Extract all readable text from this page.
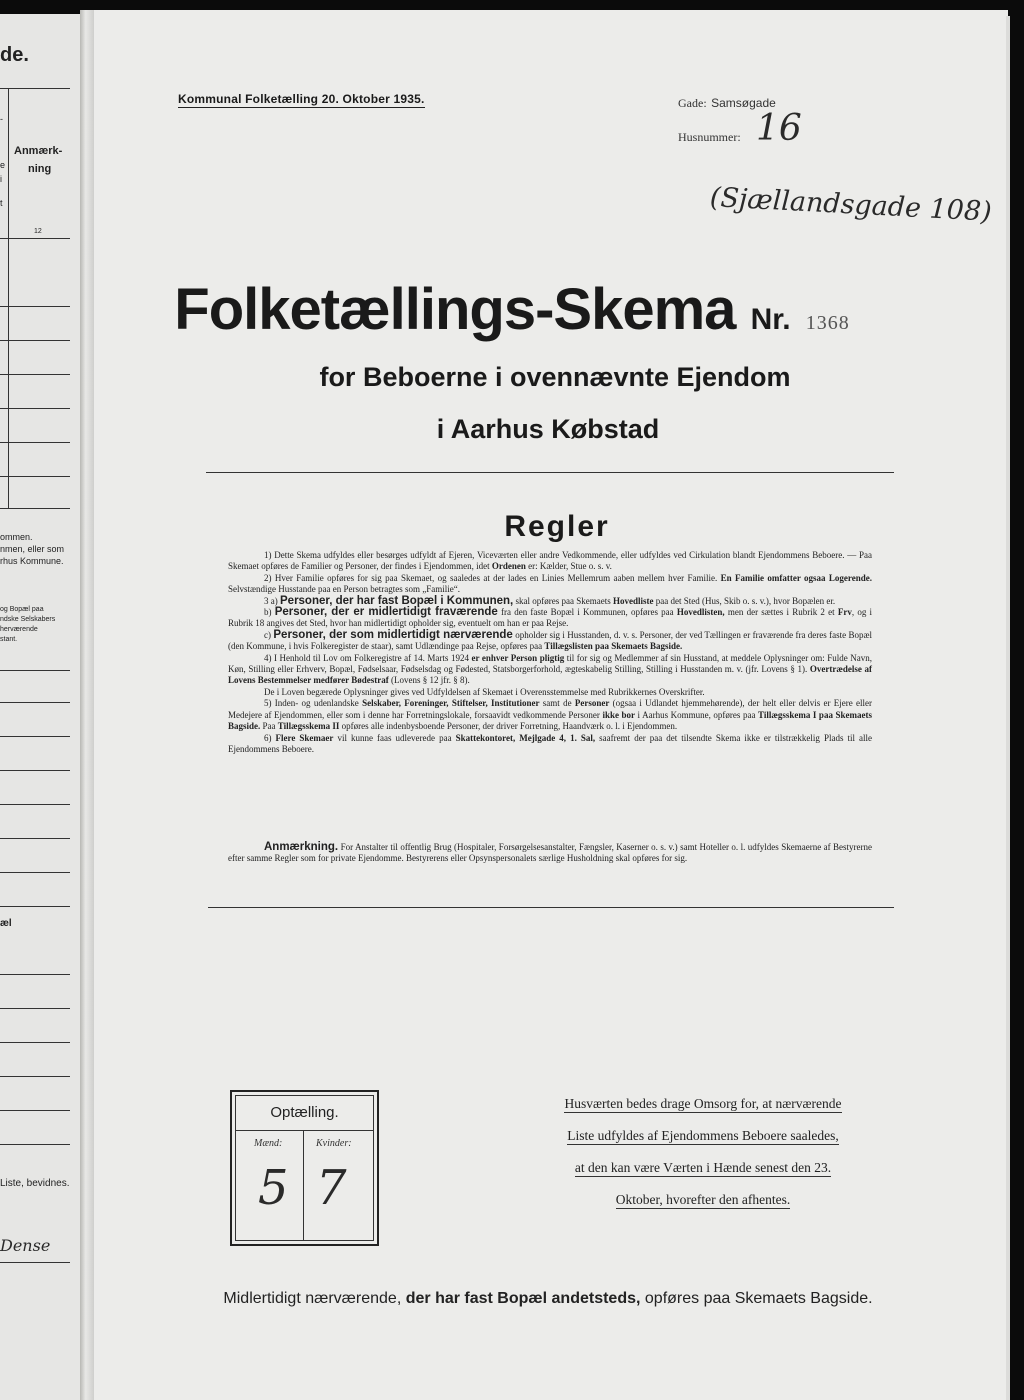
de.
-
e
i
t
Anmærk-
ning
12
ommen.
nmen, eller som
rhus Kommune.
og Bopæl paa
ndske Selskabers
herværende
stant.
æl
Liste, bevidnes.
Dense
Kommunal Folketælling 20. Oktober 1935.	Gade: Samsøgade
Husnummer: 16
(Sjællandsgade 108)
Folketællings-Skema Nr. 1368
for Beboerne i ovennævnte Ejendom
i Aarhus Købstad
Regler

1) Dette Skema udfyldes eller besørges udfyldt af Ejeren, Viceværten eller andre Vedkommende, eller udfyldes ved Cirkulation blandt Ejendommens Beboere. — Paa Skemaet opføres de Familier og Personer, der findes i Ejendommen, idet Ordenen er: Kælder, Stue o. s. v.

2) Hver Familie opføres for sig paa Skemaet, og saaledes at der lades en Linies Mellemrum aaben mellem hver Familie. En Familie omfatter ogsaa Logerende. Selvstændige Husstande paa en Person betragtes som „Familie“.

3 a) Personer, der har fast Bopæl i Kommunen, skal opføres paa Skemaets Hovedliste paa det Sted (Hus, Skib o. s. v.), hvor Bopælen er.

b) Personer, der er midlertidigt fraværende fra den faste Bopæl i Kommunen, opføres paa Hovedlisten, men der sættes i Rubrik 2 et Frv, og i Rubrik 18 angives det Sted, hvor han midlertidigt opholder sig, eventuelt om han er paa Rejse.

c) Personer, der som midlertidigt nærværende opholder sig i Husstanden, d. v. s. Personer, der ved Tællingen er fraværende fra deres faste Bopæl (den Kommune, i hvis Folkeregister de staar), samt Udlændinge paa Rejse, opføres paa Tillægslisten paa Skemaets Bagside.

4) I Henhold til Lov om Folkeregistre af 14. Marts 1924 er enhver Person pligtig til for sig og Medlemmer af sin Husstand, at meddele Oplysninger om: Fulde Navn, Køn, Stilling eller Erhverv, Bopæl, Fødselsaar, Fødselsdag og Fødested, Statsborgerforhold, ægteskabelig Stilling, Stilling i Husstanden m. v. (jfr. Lovens § 1). Overtrædelse af Lovens Bestemmelser medfører Bødestraf (Lovens § 12 jfr. § 8).

De i Loven begærede Oplysninger gives ved Udfyldelsen af Skemaet i Overensstemmelse med Rubrikkernes Overskrifter.

5) Inden- og udenlandske Selskaber, Foreninger, Stiftelser, Institutioner samt de Personer (ogsaa i Udlandet hjemmehørende), der helt eller delvis er Ejere eller Medejere af Ejendommen, eller som i denne har Forretningslokale, forsaavidt vedkommende Personer ikke bor i Aarhus Kommune, opføres paa Tillægsskema I paa Skemaets Bagside. Paa Tillægsskema II opføres alle indenbysboende Personer, der driver Forretning, Haandværk o. l. i Ejendommen.

6) Flere Skemaer vil kunne faas udleverede paa Skattekontoret, Mejlgade 4, 1. Sal, saafremt der paa det tilsendte Skema ikke er tilstrækkelig Plads til alle Ejendommens Beboere.

Anmærkning. For Anstalter til offentlig Brug (Hospitaler, Forsørgelsesanstalter, Fængsler, Kaserner o. s. v.) samt Hoteller o. l. udfyldes Skemaerne af Bestyrerne efter samme Regler som for private Ejendomme. Bestyrerens eller Opsynspersonalets særlige Husholdning skal opføres for sig.
Optælling.
Mænd:	Kvinder:
5 7
Husværten bedes drage Omsorg for, at nærværende
Liste udfyldes af Ejendommens Beboere saaledes,
at den kan være Værten i Hænde senest den 23.
Oktober, hvorefter den afhentes.
Midlertidigt nærværende, der har fast Bopæl andetsteds, opføres paa Skemaets Bagside.
